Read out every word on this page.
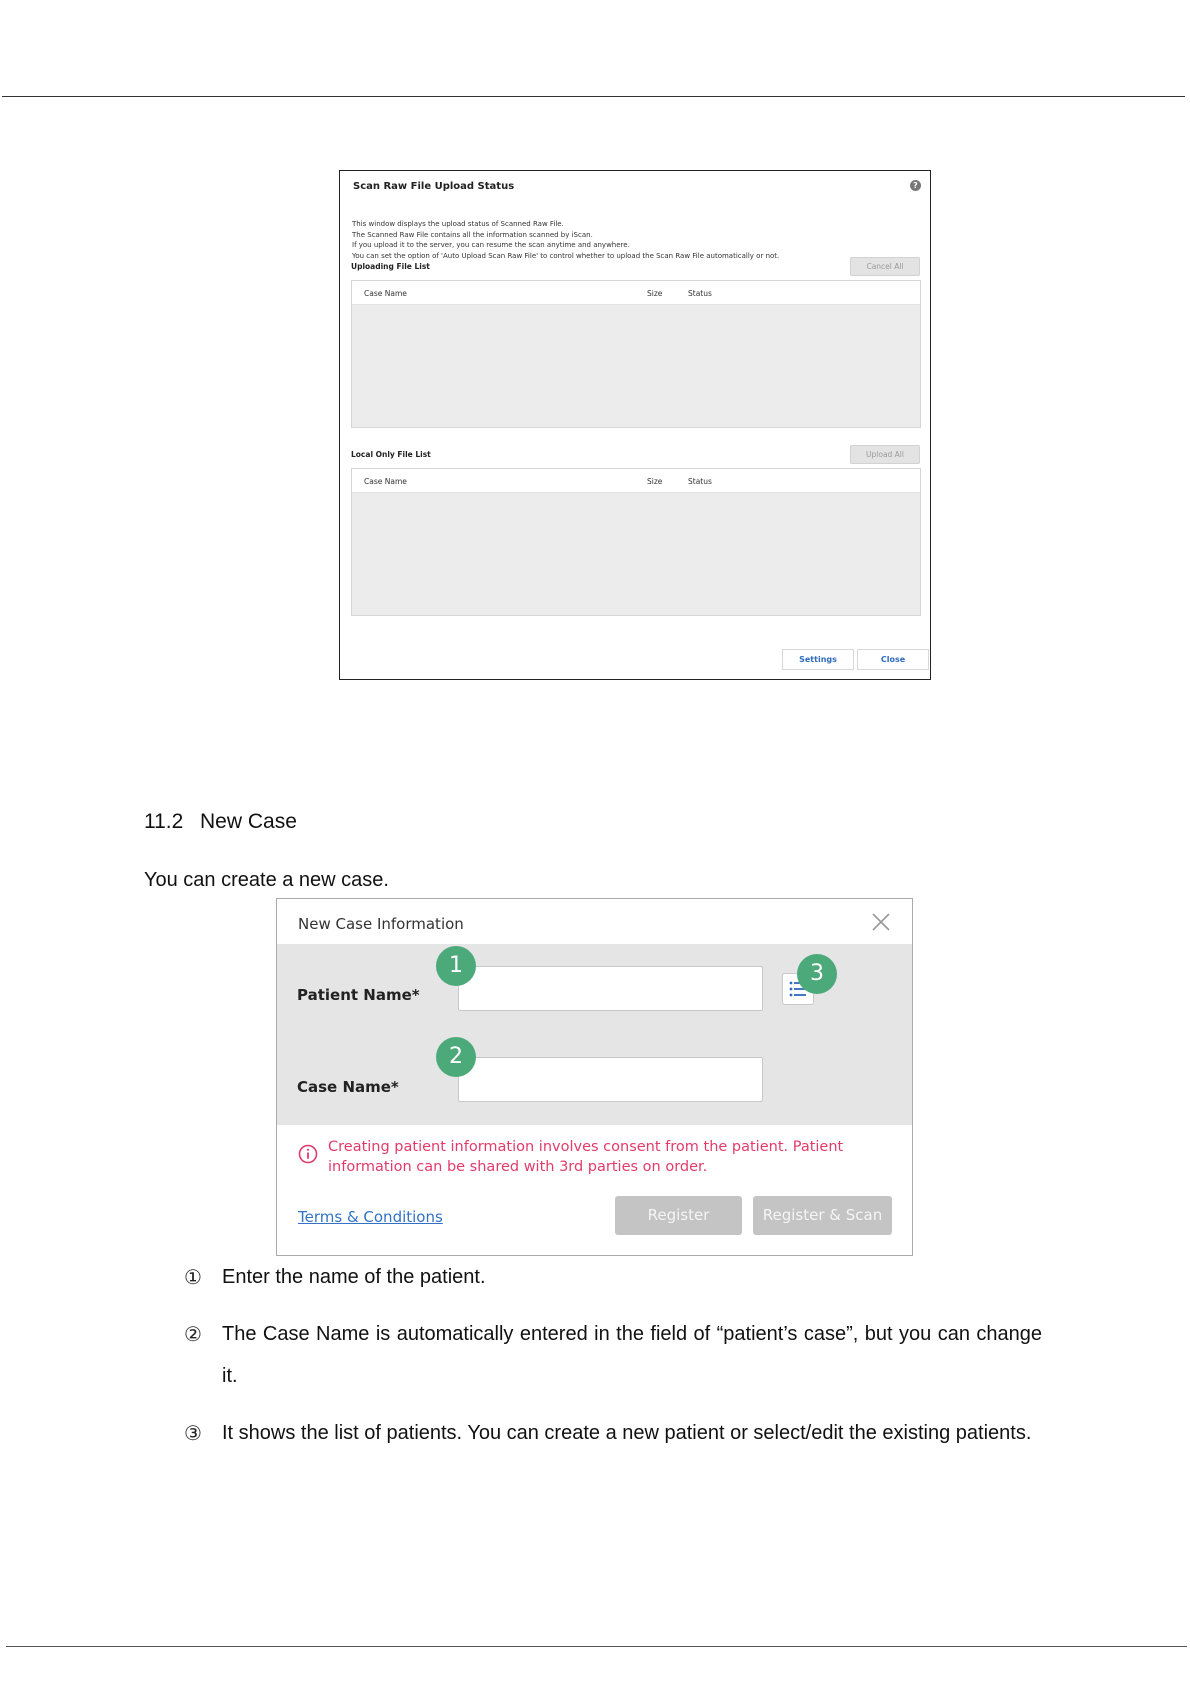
Scan Raw File Upload Status	?
This window displays the upload status of Scanned Raw File.
The Scanned Raw File contains all the information scanned by iScan.
If you upload it to the server, you can resume the scan anytime and anywhere.
You can set the option of 'Auto Upload Scan Raw File' to control whether to upload the Scan Raw File automatically or not.
Uploading File List	Cancel All
Case Name	Size	Status
Local Only File List	Upload All
Case Name	Size	Status
Settings	Close
11.2 New Case
You can create a new case.
New Case Information
Patient Name*
Case Name*
1
2
3
Creating patient information involves consent from the patient. Patient
information can be shared with 3rd parties on order.
Terms & Conditions	Register	Register & Scan
① Enter the name of the patient.
② The Case Name is automatically entered in the field of “patient’s case”, but you can change it.
③ It shows the list of patients. You can create a new patient or select/edit the existing patients.
